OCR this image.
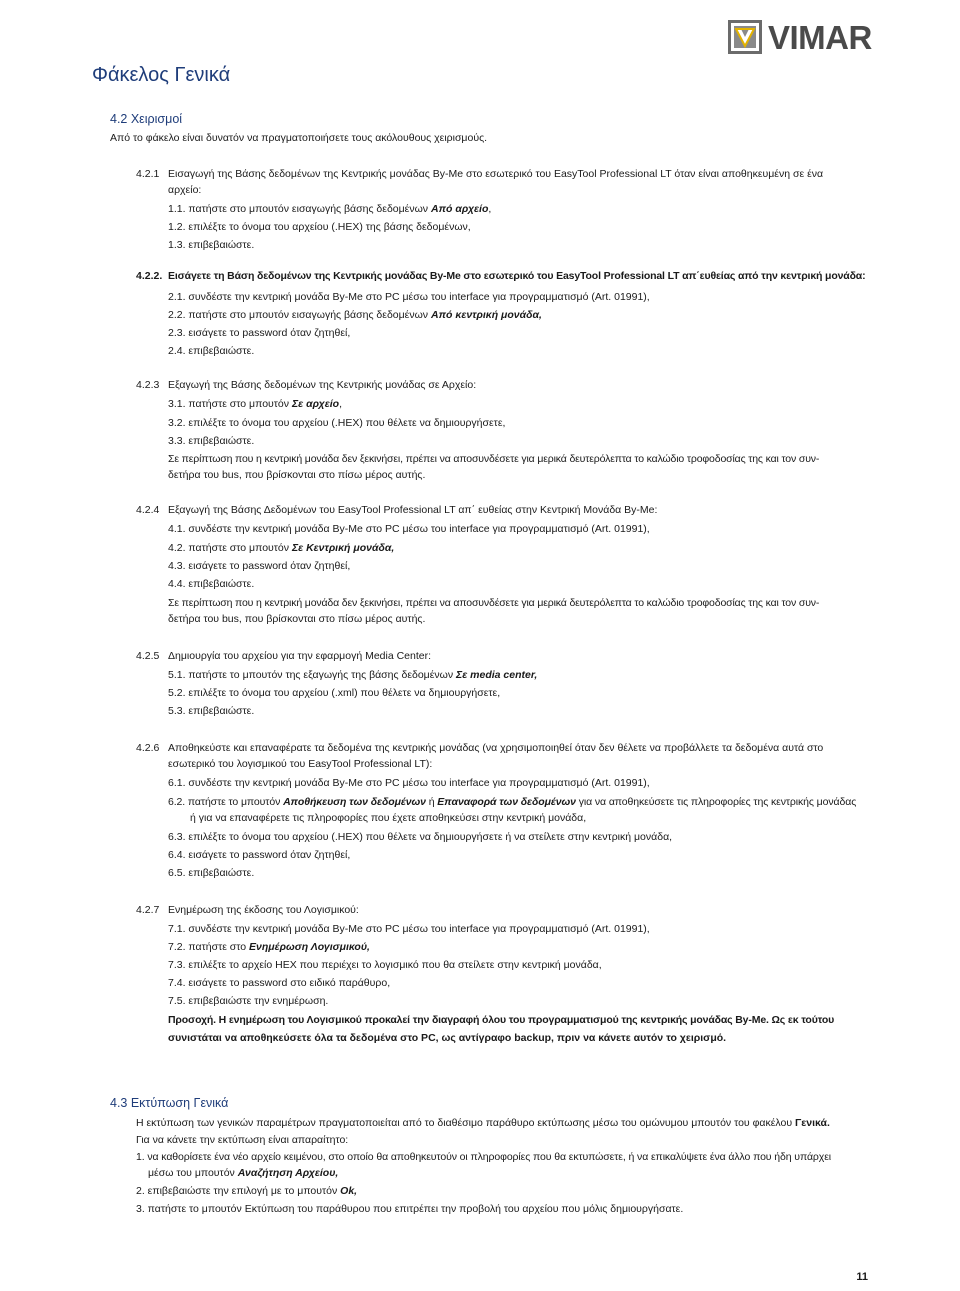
Φάκελος Γενικά
VIMAR
4.2 Χειρισμοί
Από το φάκελο είναι δυνατόν να πραγματοποιήσετε τους ακόλουθους χειρισμούς.
4.2.1 Εισαγωγή της Βάσης δεδομένων της Κεντρικής μονάδας By-Me στο εσωτερικό του EasyTool Professional LT όταν είναι αποθηκευμένη σε ένα
αρχείο:
1.1. πατήστε στο μπουτόν εισαγωγής βάσης δεδομένων Από αρχείο,
1.2. επιλέξτε το όνομα του αρχείου (.HEX) της βάσης δεδομένων,
1.3. επιβεβαιώστε.
4.2.2. Εισάγετε τη Βάση δεδομένων της Κεντρικής μονάδας By-Me στο εσωτερικό του EasyTool Professional LT απ΄ευθείας από την κεντρική μονάδα:
2.1. συνδέστε την κεντρική μονάδα By-Me στο PC μέσω του interface για προγραμματισμό (Art. 01991),
2.2. πατήστε στο μπουτόν εισαγωγής βάσης δεδομένων Από κεντρική μονάδα,
2.3. εισάγετε το password όταν ζητηθεί,
2.4. επιβεβαιώστε.
4.2.3 Εξαγωγή της Βάσης δεδομένων της Κεντρικής μονάδας σε Αρχείο:
3.1. πατήστε στο μπουτόν Σε αρχείο,
3.2. επιλέξτε το όνομα του αρχείου (.HEX) που θέλετε να δημιουργήσετε,
3.3. επιβεβαιώστε.
Σε περίπτωση που η κεντρική μονάδα δεν ξεκινήσει, πρέπει να αποσυνδέσετε για μερικά δευτερόλεπτα το καλώδιο τροφοδοσίας της και τον συν-
δετήρα του bus, που βρίσκονται στο πίσω μέρος αυτής.
4.2.4 Εξαγωγή της Βάσης Δεδομένων του EasyTool Professional LT απ΄ ευθείας στην Κεντρική Μονάδα By-Me:
4.1. συνδέστε την κεντρική μονάδα By-Me στο PC μέσω του interface για προγραμματισμό (Art. 01991),
4.2. πατήστε στο μπουτόν Σε Κεντρική μονάδα,
4.3. εισάγετε το password όταν ζητηθεί,
4.4. επιβεβαιώστε.
Σε περίπτωση που η κεντρική μονάδα δεν ξεκινήσει, πρέπει να αποσυνδέσετε για μερικά δευτερόλεπτα το καλώδιο τροφοδοσίας της και τον συν-
δετήρα του bus, που βρίσκονται στο πίσω μέρος αυτής.
4.2.5 Δημιουργία του αρχείου για την εφαρμογή Media Center:
5.1. πατήστε το μπουτόν της εξαγωγής της βάσης δεδομένων Σε media center,
5.2. επιλέξτε το όνομα του αρχείου (.xml) που θέλετε να δημιουργήσετε,
5.3. επιβεβαιώστε.
4.2.6 Αποθηκεύστε και επαναφέρατε τα δεδομένα της κεντρικής μονάδας (να χρησιμοποιηθεί όταν δεν θέλετε να προβάλλετε τα δεδομένα αυτά στο
εσωτερικό του λογισμικού του EasyTool Professional LT):
6.1. συνδέστε την κεντρική μονάδα By-Me στο PC μέσω του interface για προγραμματισμό (Art. 01991),
6.2. πατήστε το μπουτόν Αποθήκευση των δεδομένων ή Επαναφορά των δεδομένων για να αποθηκεύσετε τις πληροφορίες της κεντρικής μονάδας
ή για να επαναφέρετε τις πληροφορίες που έχετε αποθηκεύσει στην κεντρική μονάδα,
6.3. επιλέξτε το όνομα του αρχείου (.HEX) που θέλετε να δημιουργήσετε ή να στείλετε στην κεντρική μονάδα,
6.4. εισάγετε το password όταν ζητηθεί,
6.5. επιβεβαιώστε.
4.2.7 Ενημέρωση της έκδοσης του Λογισμικού:
7.1. συνδέστε την κεντρική μονάδα By-Me στο PC μέσω του interface για προγραμματισμό (Art. 01991),
7.2. πατήστε στο Ενημέρωση Λογισμικού,
7.3. επιλέξτε το αρχείο HEX που περιέχει το λογισμικό που θα στείλετε στην κεντρική μονάδα,
7.4. εισάγετε το password στο ειδικό παράθυρο,
7.5. επιβεβαιώστε την ενημέρωση.
Προσοχή. Η ενημέρωση του Λογισμικού προκαλεί την διαγραφή όλου του προγραμματισμού της κεντρικής μονάδας By-Me. Ως εκ τούτου
συνιστάται να αποθηκεύσετε όλα τα δεδομένα στο PC, ως αντίγραφο backup, πριν να κάνετε αυτόν το χειρισμό.
4.3 Εκτύπωση Γενικά
Η εκτύπωση των γενικών παραμέτρων πραγματοποιείται από το διαθέσιμο παράθυρο εκτύπωσης μέσω του ομώνυμου μπουτόν του φακέλου Γενικά.
Για να κάνετε την εκτύπωση είναι απαραίτητο:
1. να καθορίσετε ένα νέο αρχείο κειμένου, στο οποίο θα αποθηκευτούν οι πληροφορίες που θα εκτυπώσετε, ή να επικαλύψετε ένα άλλο που ήδη υπάρχει
μέσω του μπουτόν Αναζήτηση Αρχείου,
2. επιβεβαιώστε την επιλογή με το μπουτόν Ok,
3. πατήστε το μπουτόν Εκτύπωση του παράθυρου που επιτρέπει την προβολή του αρχείου που μόλις δημιουργήσατε.
11
